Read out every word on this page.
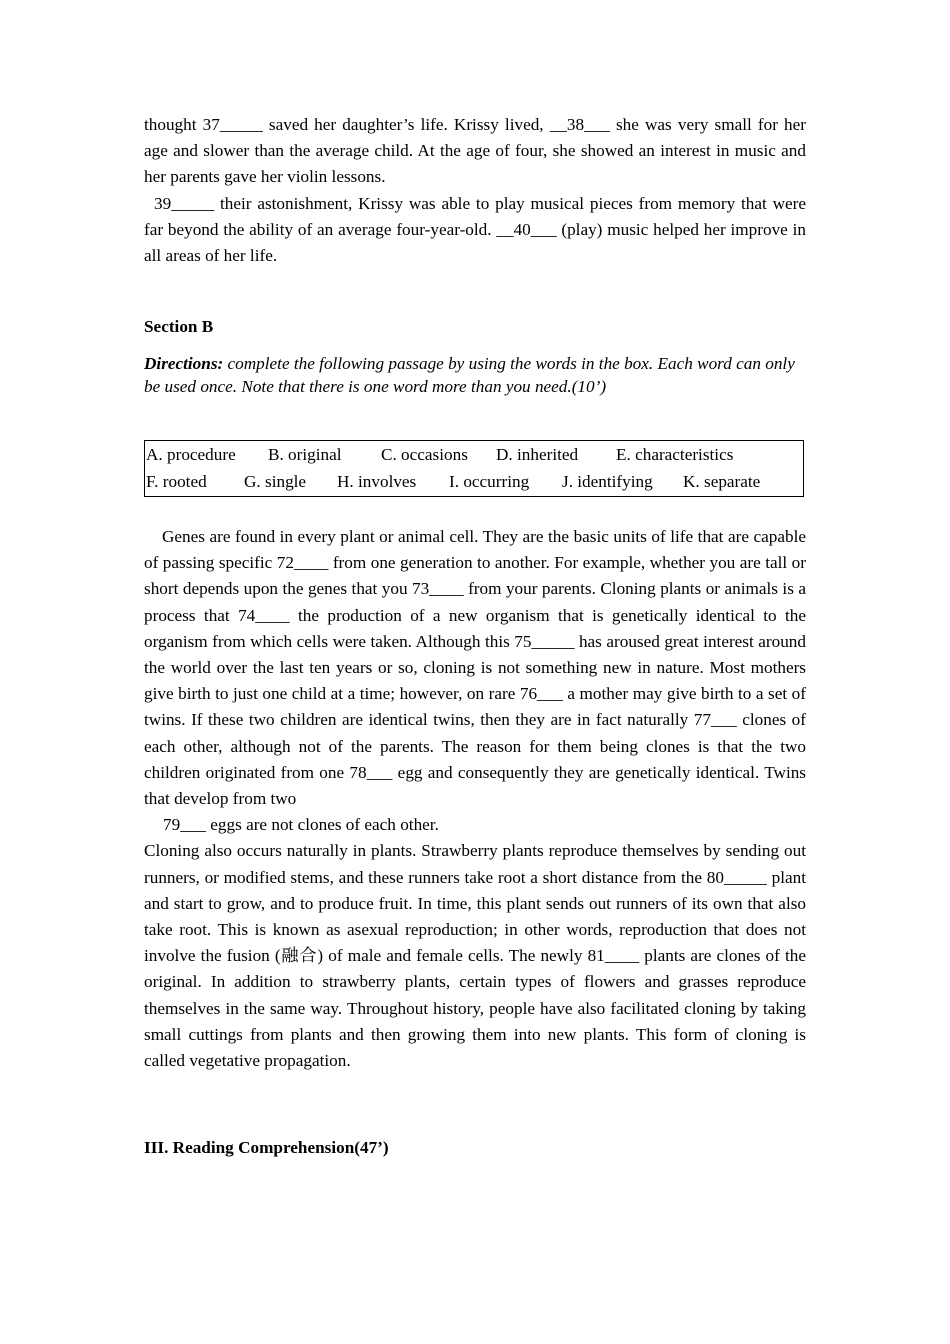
thought 37_____ saved her daughter’s life. Krissy lived, __38___ she was very small for her age and slower than the average child. At the age of four, she showed an interest in music and her parents gave her violin lessons.

39_____ their astonishment, Krissy was able to play musical pieces from memory that were far beyond the ability of an average four-year-old. __40___ (play) music helped her improve in all areas of her life.

Section B

Directions: complete the following passage by using the words in the box. Each word can only be used once. Note that there is one word more than you need.(10’)

A. procedure B. original C. occasions D. inherited E. characteristics
F. rooted G. single H. involves I. occurring J. identifying K. separate

Genes are found in every plant or animal cell. They are the basic units of life that are capable of passing specific 72____ from one generation to another. For example, whether you are tall or short depends upon the genes that you 73____ from your parents. Cloning plants or animals is a process that 74____ the production of a new organism that is genetically identical to the organism from which cells were taken. Although this 75_____ has aroused great interest around the world over the last ten years or so, cloning is not something new in nature. Most mothers give birth to just one child at a time; however, on rare 76___ a mother may give birth to a set of twins. If these two children are identical twins, then they are in fact naturally 77___ clones of each other, although not of the parents. The reason for them being clones is that the two children originated from one 78___ egg and consequently they are genetically identical. Twins that develop from two

79___ eggs are not clones of each other.

Cloning also occurs naturally in plants. Strawberry plants reproduce themselves by sending out runners, or modified stems, and these runners take root a short distance from the 80_____ plant and start to grow, and to produce fruit. In time, this plant sends out runners of its own that also take root. This is known as asexual reproduction; in other words, reproduction that does not involve the fusion (融合) of male and female cells. The newly 81____ plants are clones of the original. In addition to strawberry plants, certain types of flowers and grasses reproduce themselves in the same way. Throughout history, people have also facilitated cloning by taking small cuttings from plants and then growing them into new plants. This form of cloning is called vegetative propagation.

III. Reading Comprehension(47’)
